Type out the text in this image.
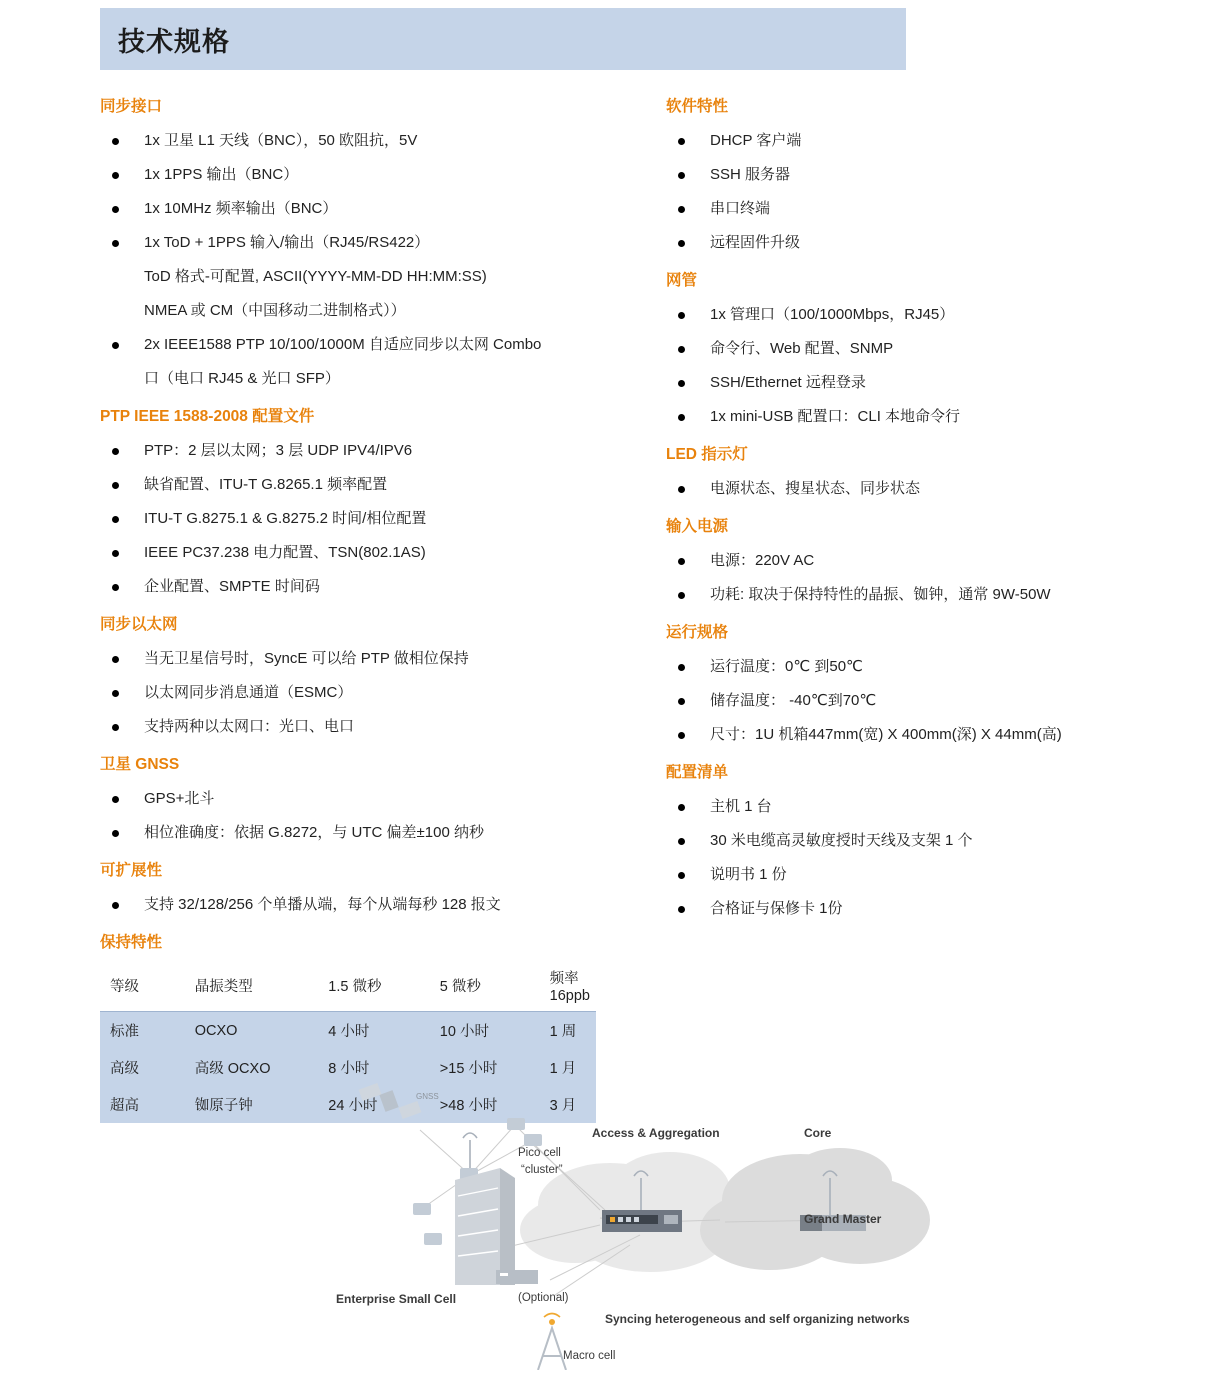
技术规格
同步接口
1x 卫星 L1 天线（BNC），50 欧阻抗，5V
1x 1PPS 输出（BNC）
1x 10MHz 频率输出（BNC）
1x ToD + 1PPS 输入/输出（RJ45/RS422）
ToD 格式-可配置, ASCII(YYYY-MM-DD HH:MM:SS)
NMEA 或 CM（中国移动二进制格式））
2x IEEE1588 PTP 10/100/1000M 自适应同步以太网 Combo
口（电口 RJ45 & 光口 SFP）
PTP IEEE 1588-2008 配置文件
PTP：2 层以太网；3 层 UDP IPV4/IPV6
缺省配置、ITU-T G.8265.1 频率配置
ITU-T G.8275.1 & G.8275.2 时间/相位配置
IEEE PC37.238 电力配置、TSN(802.1AS)
企业配置、SMPTE 时间码
同步以太网
当无卫星信号时，SyncE 可以给 PTP 做相位保持
以太网同步消息通道（ESMC）
支持两种以太网口：光口、电口
卫星 GNSS
GPS+北斗
相位准确度：依据 G.8272，与 UTC 偏差±100 纳秒
可扩展性
支持 32/128/256 个单播从端，每个从端每秒 128 报文
保持特性
等级	晶振类型	1.5 微秒	5 微秒	频率 16ppb
标准	OCXO	4 小时	10 小时	1 周
高级	高级 OCXO	8 小时	>15 小时	1 月
超高	铷原子钟	24 小时	>48 小时	3 月
软件特性
DHCP 客户端
SSH 服务器
串口终端
远程固件升级
网管
1x 管理口（100/1000Mbps，RJ45）
命令行、Web 配置、SNMP
SSH/Ethernet 远程登录
1x mini-USB 配置口：CLI 本地命令行
LED 指示灯
电源状态、搜星状态、同步状态
输入电源
电源：220V AC
功耗: 取决于保持特性的晶振、铷钟，通常 9W-50W
运行规格
运行温度：0℃ 到50℃
储存温度： -40℃到70℃
尺寸：1U 机箱447mm(宽) X 400mm(深) X 44mm(高)
配置清单
主机 1 台
30 米电缆高灵敏度授时天线及支架 1 个
说明书 1 份
合格证与保修卡 1份
Access & Aggregation	Core
Pico cell
“cluster”
Grand Master
Enterprise Small Cell	(Optional)
Macro cell
Syncing heterogeneous and self organizing networks
GNSS
